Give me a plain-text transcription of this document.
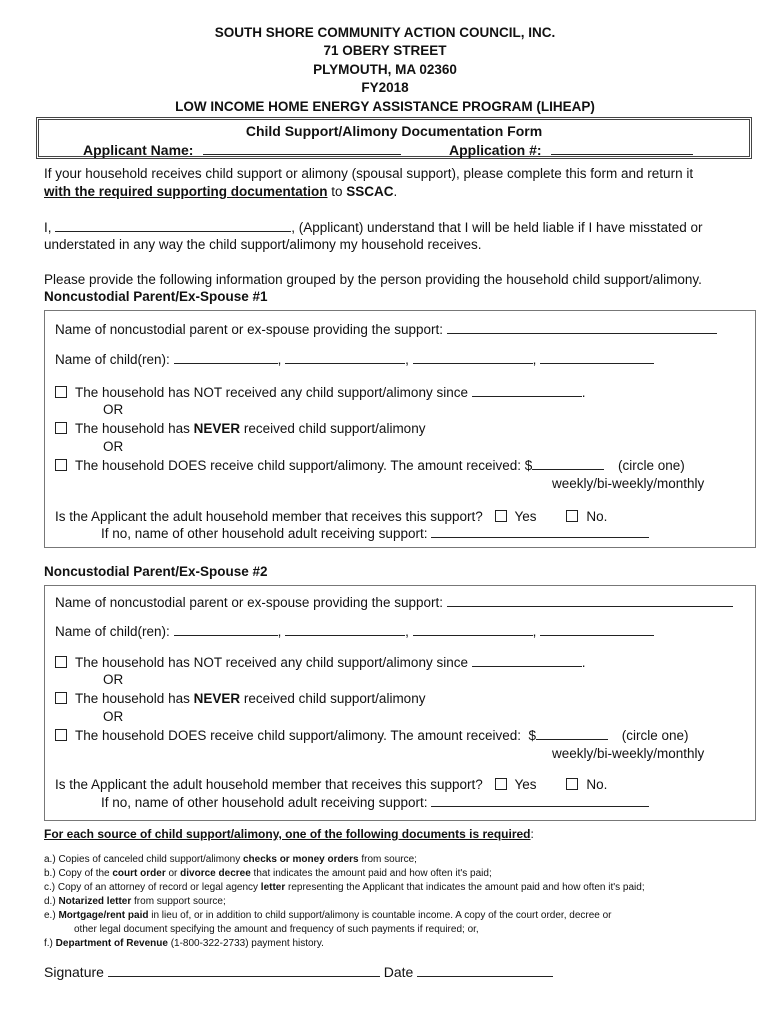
SOUTH SHORE COMMUNITY ACTION COUNCIL, INC.
71 OBERY STREET
PLYMOUTH, MA 02360
FY2018
LOW INCOME HOME ENERGY ASSISTANCE PROGRAM (LIHEAP)
Child Support/Alimony Documentation Form
Applicant Name:	Application #:
If your household receives child support or alimony (spousal support), please complete this form and return it
with the required supporting documentation to SSCAC.
I,	, (Applicant) understand that I will be held liable if I have misstated or
understated in any way the child support/alimony my household receives.
Please provide the following information grouped by the person providing the household child support/alimony.
Noncustodial Parent/Ex-Spouse #1
Name of noncustodial parent or ex-spouse providing the support:
Name of child(ren):	,	,	,
The household has NOT received any child support/alimony since	.
OR
The household has NEVER received child support/alimony
OR
The household DOES receive child support/alimony. The amount received: $	(circle one)
weekly/bi-weekly/monthly
Is the Applicant the adult household member that receives this support? Yes	No.
If no, name of other household adult receiving support:
Noncustodial Parent/Ex-Spouse #2
Name of noncustodial parent or ex-spouse providing the support:
Name of child(ren):	,	,	,
The household has NOT received any child support/alimony since	.
OR
The household has NEVER received child support/alimony
OR
The household DOES receive child support/alimony. The amount received:  $	(circle one)
weekly/bi-weekly/monthly
Is the Applicant the adult household member that receives this support? Yes	No.
If no, name of other household adult receiving support:
For each source of child support/alimony, one of the following documents is required:
a.) Copies of canceled child support/alimony checks or money orders from source;
b.) Copy of the court order or divorce decree that indicates the amount paid and how often it's paid;
c.) Copy of an attorney of record or legal agency letter representing the Applicant that indicates the amount paid and how often it's paid;
d.) Notarized letter from support source;
e.) Mortgage/rent paid in lieu of, or in addition to child support/alimony is countable income. A copy of the court order, decree or
other legal document specifying the amount and frequency of such payments if required; or,
f.) Department of Revenue (1-800-322-2733) payment history.
Signature	Date
